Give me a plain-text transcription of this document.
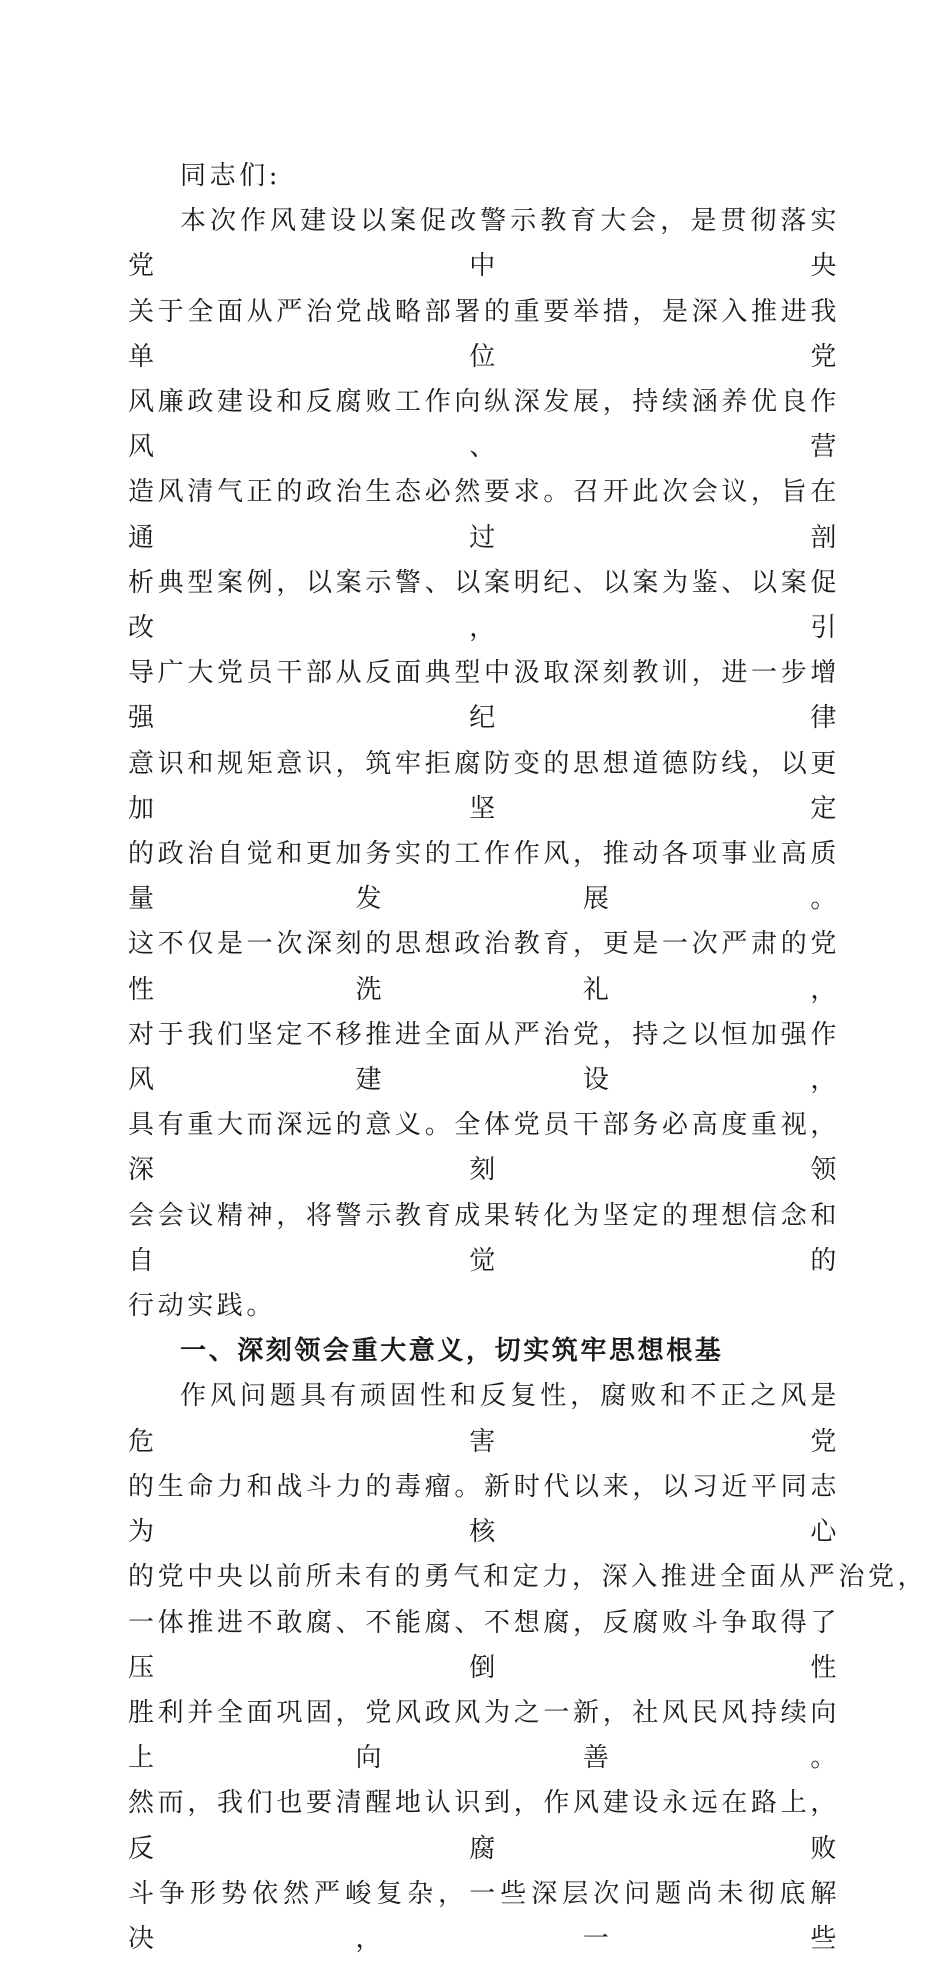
同志们:

本次作风建设以案促改警示教育大会，是贯彻落实党中央
关于全面从严治党战略部署的重要举措，是深入推进我单位党
风廉政建设和反腐败工作向纵深发展，持续涵养优良作风、营
造风清气正的政治生态必然要求。召开此次会议，旨在通过剖
析典型案例，以案示警、以案明纪、以案为鉴、以案促改，引
导广大党员干部从反面典型中汲取深刻教训，进一步增强纪律
意识和规矩意识，筑牢拒腐防变的思想道德防线，以更加坚定
的政治自觉和更加务实的工作作风，推动各项事业高质量发展。
这不仅是一次深刻的思想政治教育，更是一次严肃的党性洗礼，
对于我们坚定不移推进全面从严治党，持之以恒加强作风建设，
具有重大而深远的意义。全体党员干部务必高度重视，深刻领
会会议精神，将警示教育成果转化为坚定的理想信念和自觉的
行动实践。

一、深刻领会重大意义，切实筑牢思想根基

作风问题具有顽固性和反复性，腐败和不正之风是危害党
的生命力和战斗力的毒瘤。新时代以来，以习近平同志为核心
的党中央以前所未有的勇气和定力，深入推进全面从严治党，
一体推进不敢腐、不能腐、不想腐，反腐败斗争取得了压倒性
胜利并全面巩固，党风政风为之一新，社风民风持续向上向善。
然而，我们也要清醒地认识到，作风建设永远在路上，反腐败
斗争形势依然严峻复杂，一些深层次问题尚未彻底解决，一些
